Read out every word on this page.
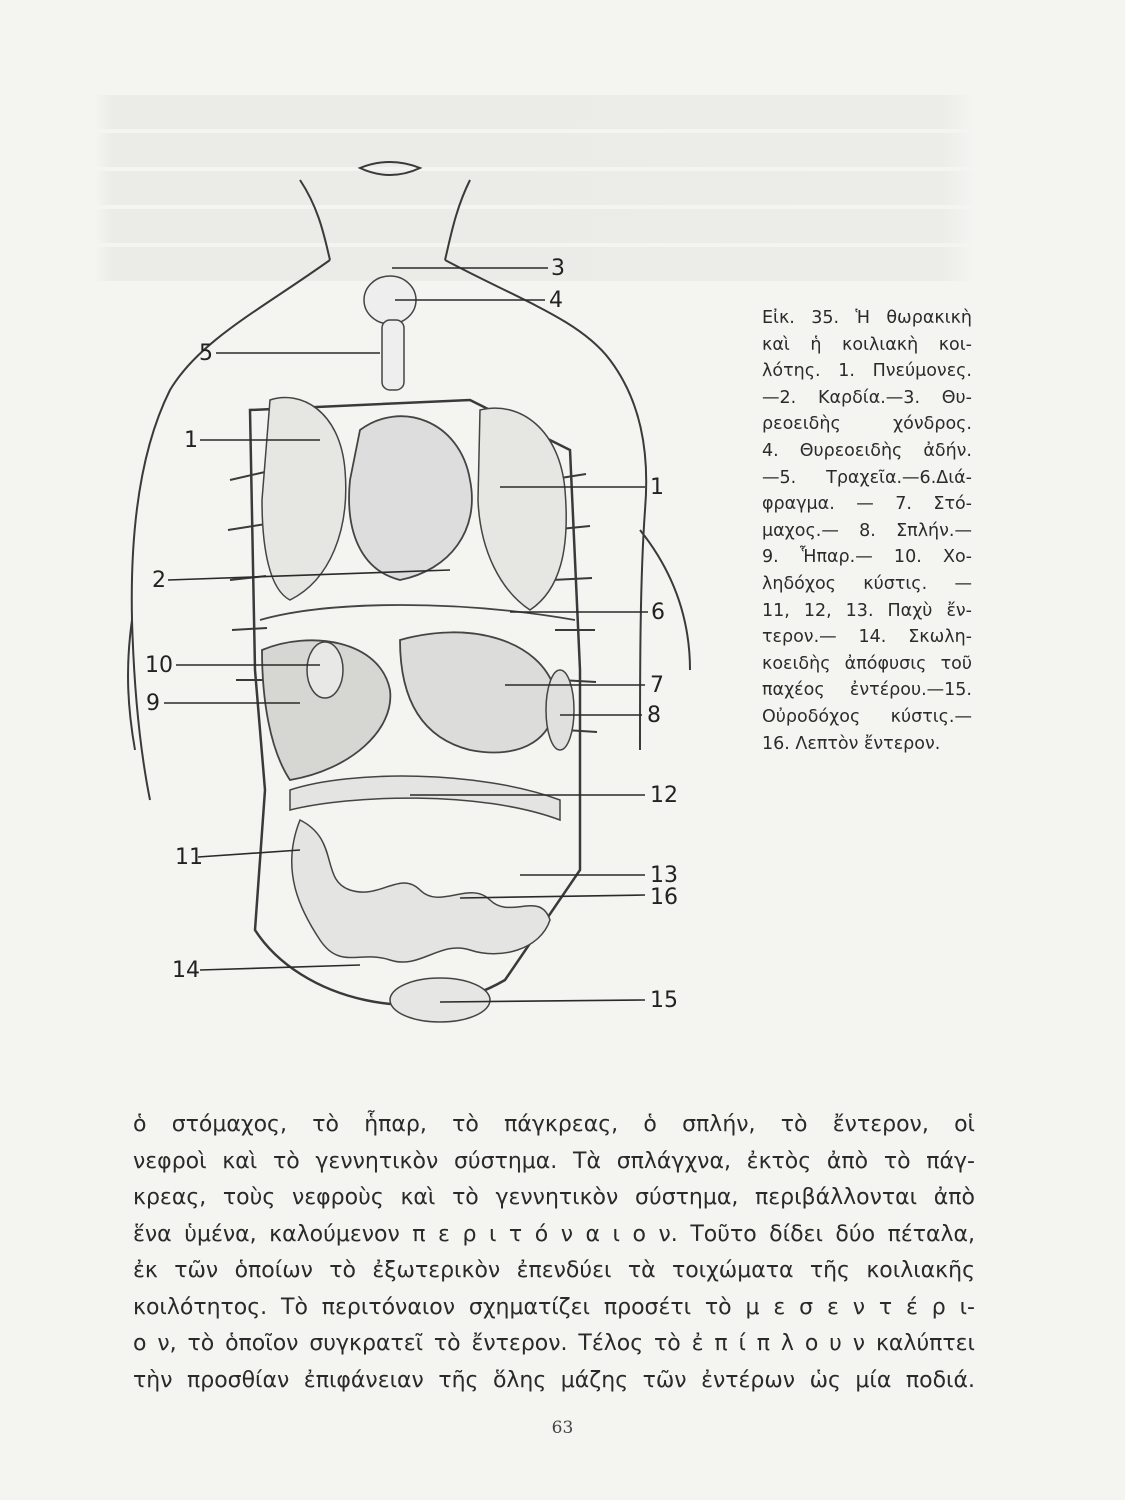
3
4
5
1
1
2
6
10
7
9	8
12
11
13
16
14
15
Εἰκ. 35. Ἡ θωρακικὴ
καὶ ἡ κοιλιακὴ κοι-
λότης. 1. Πνεύμονες.
—2. Καρδία.—3. Θυ-
ρεοειδὴς χόνδρος.
4. Θυρεοειδὴς ἀδήν.
—5. Τραχεῖα.—6.Διά-
φραγμα. — 7. Στό-
μαχος.— 8. Σπλήν.—
9. Ἧπαρ.— 10. Χο-
ληδόχος κύστις. —
11, 12, 13. Παχὺ ἔν-
τερον.— 14. Σκωλη-
κοειδὴς ἀπόφυσις τοῦ
παχέος ἐντέρου.—15.
Οὐροδόχος κύστις.—
16. Λεπτὸν ἔντερον.
ὁ στόμαχος, τὸ ἧπαρ, τὸ πάγκρεας, ὁ σπλήν, τὸ ἔντερον, οἱ
νεφροὶ καὶ τὸ γεννητικὸν σύστημα. Τὰ σπλάγχνα, ἐκτὸς ἀπὸ τὸ πάγ-
κρεας, τοὺς νεφροὺς καὶ τὸ γεννητικὸν σύστημα, περιβάλλονται ἀπὸ
ἕνα ὑμένα, καλούμενον π ε ρ ι τ ό ν α ι ο ν. Τοῦτο δίδει δύο πέταλα,
ἐκ τῶν ὁποίων τὸ ἐξωτερικὸν ἐπενδύει τὰ τοιχώματα τῆς κοιλιακῆς
κοιλότητος. Τὸ περιτόναιον σχηματίζει προσέτι τὸ μ ε σ ε ν τ έ ρ ι-
ο ν, τὸ ὁποῖον συγκρατεῖ τὸ ἔντερον. Τέλος τὸ ἐ π ί π λ ο υ ν καλύπτει
τὴν προσθίαν ἐπιφάνειαν τῆς ὅλης μάζης τῶν ἐντέρων ὡς μία ποδιά.
63
